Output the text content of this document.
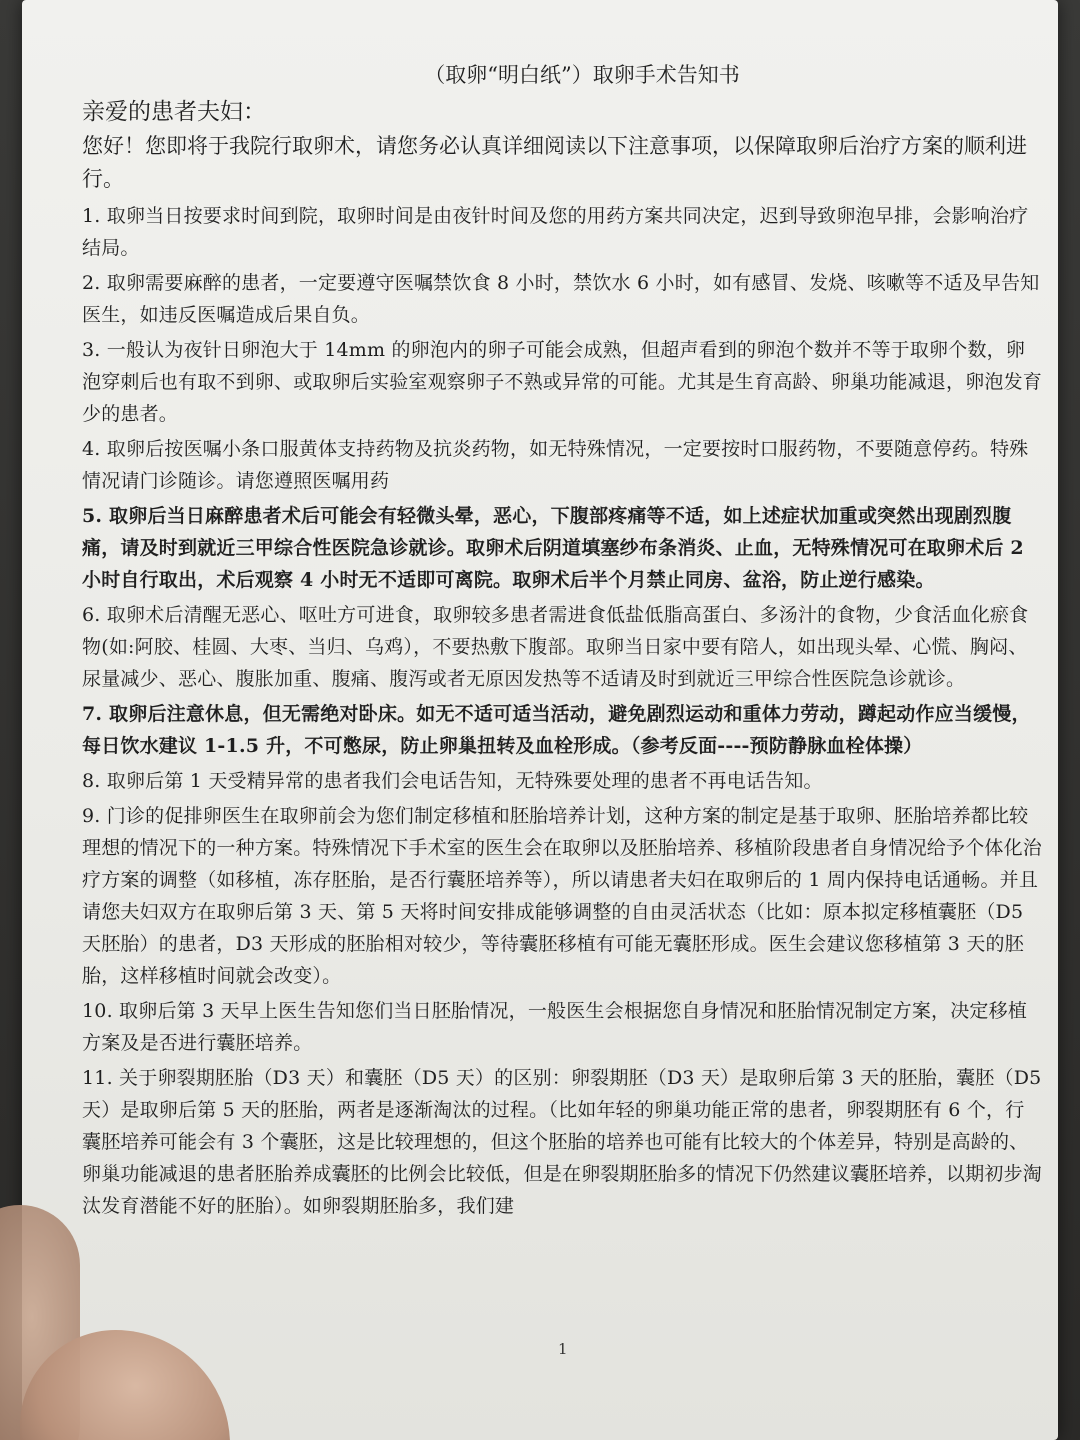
（取卵“明白纸”）取卵手术告知书
亲爱的患者夫妇：
您好！您即将于我院行取卵术，请您务必认真详细阅读以下注意事项，以保障取卵后治疗方案的顺利进行。
1. 取卵当日按要求时间到院，取卵时间是由夜针时间及您的用药方案共同决定，迟到导致卵泡早排，会影响治疗结局。
2. 取卵需要麻醉的患者，一定要遵守医嘱禁饮食 8 小时，禁饮水 6 小时，如有感冒、发烧、咳嗽等不适及早告知医生，如违反医嘱造成后果自负。
3. 一般认为夜针日卵泡大于 14mm 的卵泡内的卵子可能会成熟，但超声看到的卵泡个数并不等于取卵个数，卵泡穿刺后也有取不到卵、或取卵后实验室观察卵子不熟或异常的可能。尤其是生育高龄、卵巢功能减退，卵泡发育少的患者。
4. 取卵后按医嘱小条口服黄体支持药物及抗炎药物，如无特殊情况，一定要按时口服药物，不要随意停药。特殊情况请门诊随诊。请您遵照医嘱用药
5. 取卵后当日麻醉患者术后可能会有轻微头晕，恶心，下腹部疼痛等不适，如上述症状加重或突然出现剧烈腹痛，请及时到就近三甲综合性医院急诊就诊。取卵术后阴道填塞纱布条消炎、止血，无特殊情况可在取卵术后 2 小时自行取出，术后观察 4 小时无不适即可离院。取卵术后半个月禁止同房、盆浴，防止逆行感染。
6. 取卵术后清醒无恶心、呕吐方可进食，取卵较多患者需进食低盐低脂高蛋白、多汤汁的食物，少食活血化瘀食物(如:阿胶、桂圆、大枣、当归、乌鸡），不要热敷下腹部。取卵当日家中要有陪人，如出现头晕、心慌、胸闷、尿量减少、恶心、腹胀加重、腹痛、腹泻或者无原因发热等不适请及时到就近三甲综合性医院急诊就诊。
7. 取卵后注意休息，但无需绝对卧床。如无不适可适当活动，避免剧烈运动和重体力劳动，蹲起动作应当缓慢，每日饮水建议 1-1.5 升，不可憋尿，防止卵巢扭转及血栓形成。（参考反面----预防静脉血栓体操）
8. 取卵后第 1 天受精异常的患者我们会电话告知，无特殊要处理的患者不再电话告知。
9. 门诊的促排卵医生在取卵前会为您们制定移植和胚胎培养计划，这种方案的制定是基于取卵、胚胎培养都比较理想的情况下的一种方案。特殊情况下手术室的医生会在取卵以及胚胎培养、移植阶段患者自身情况给予个体化治疗方案的调整（如移植，冻存胚胎，是否行囊胚培养等），所以请患者夫妇在取卵后的 1 周内保持电话通畅。并且请您夫妇双方在取卵后第 3 天、第 5 天将时间安排成能够调整的自由灵活状态（比如：原本拟定移植囊胚（D5 天胚胎）的患者，D3 天形成的胚胎相对较少，等待囊胚移植有可能无囊胚形成。医生会建议您移植第 3 天的胚胎，这样移植时间就会改变）。
10. 取卵后第 3 天早上医生告知您们当日胚胎情况，一般医生会根据您自身情况和胚胎情况制定方案，决定移植方案及是否进行囊胚培养。
11. 关于卵裂期胚胎（D3 天）和囊胚（D5 天）的区别：卵裂期胚（D3 天）是取卵后第 3 天的胚胎，囊胚（D5 天）是取卵后第 5 天的胚胎，两者是逐渐淘汰的过程。（比如年轻的卵巢功能正常的患者，卵裂期胚有 6 个，行囊胚培养可能会有 3 个囊胚，这是比较理想的，但这个胚胎的培养也可能有比较大的个体差异，特别是高龄的、卵巢功能减退的患者胚胎养成囊胚的比例会比较低，但是在卵裂期胚胎多的情况下仍然建议囊胚培养，以期初步淘汰发育潜能不好的胚胎）。如卵裂期胚胎多，我们建
1
